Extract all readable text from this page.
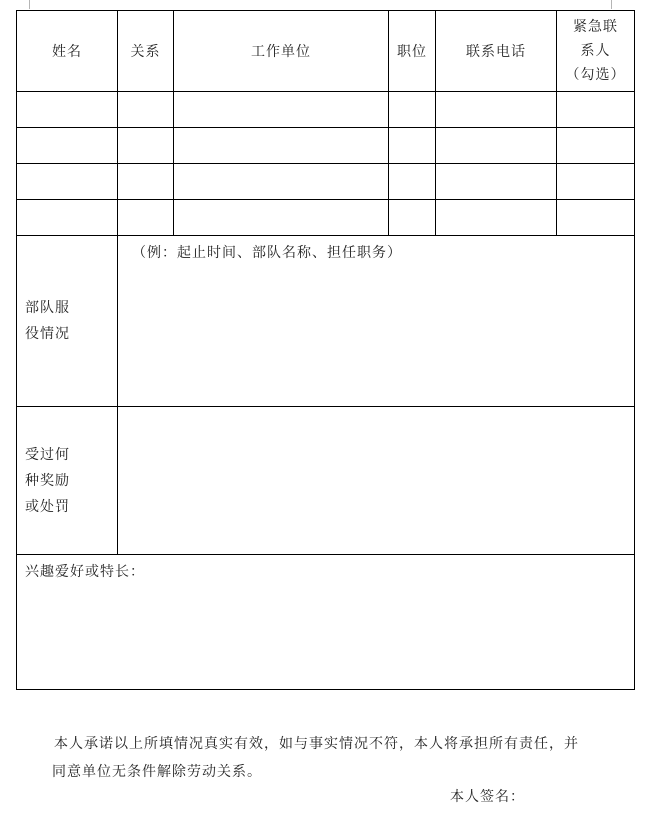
姓名	关系	工作单位	职位	联系电话	紧急联
系人
（勾选）

部队服
役情况	（例：起止时间、部队名称、担任职务）				

受过何
种奖励
或处罚					

兴趣爱好或特长：					
本人承诺以上所填情况真实有效，如与事实情况不符，本人将承担所有责任，并
同意单位无条件解除劳动关系。
本人签名：
